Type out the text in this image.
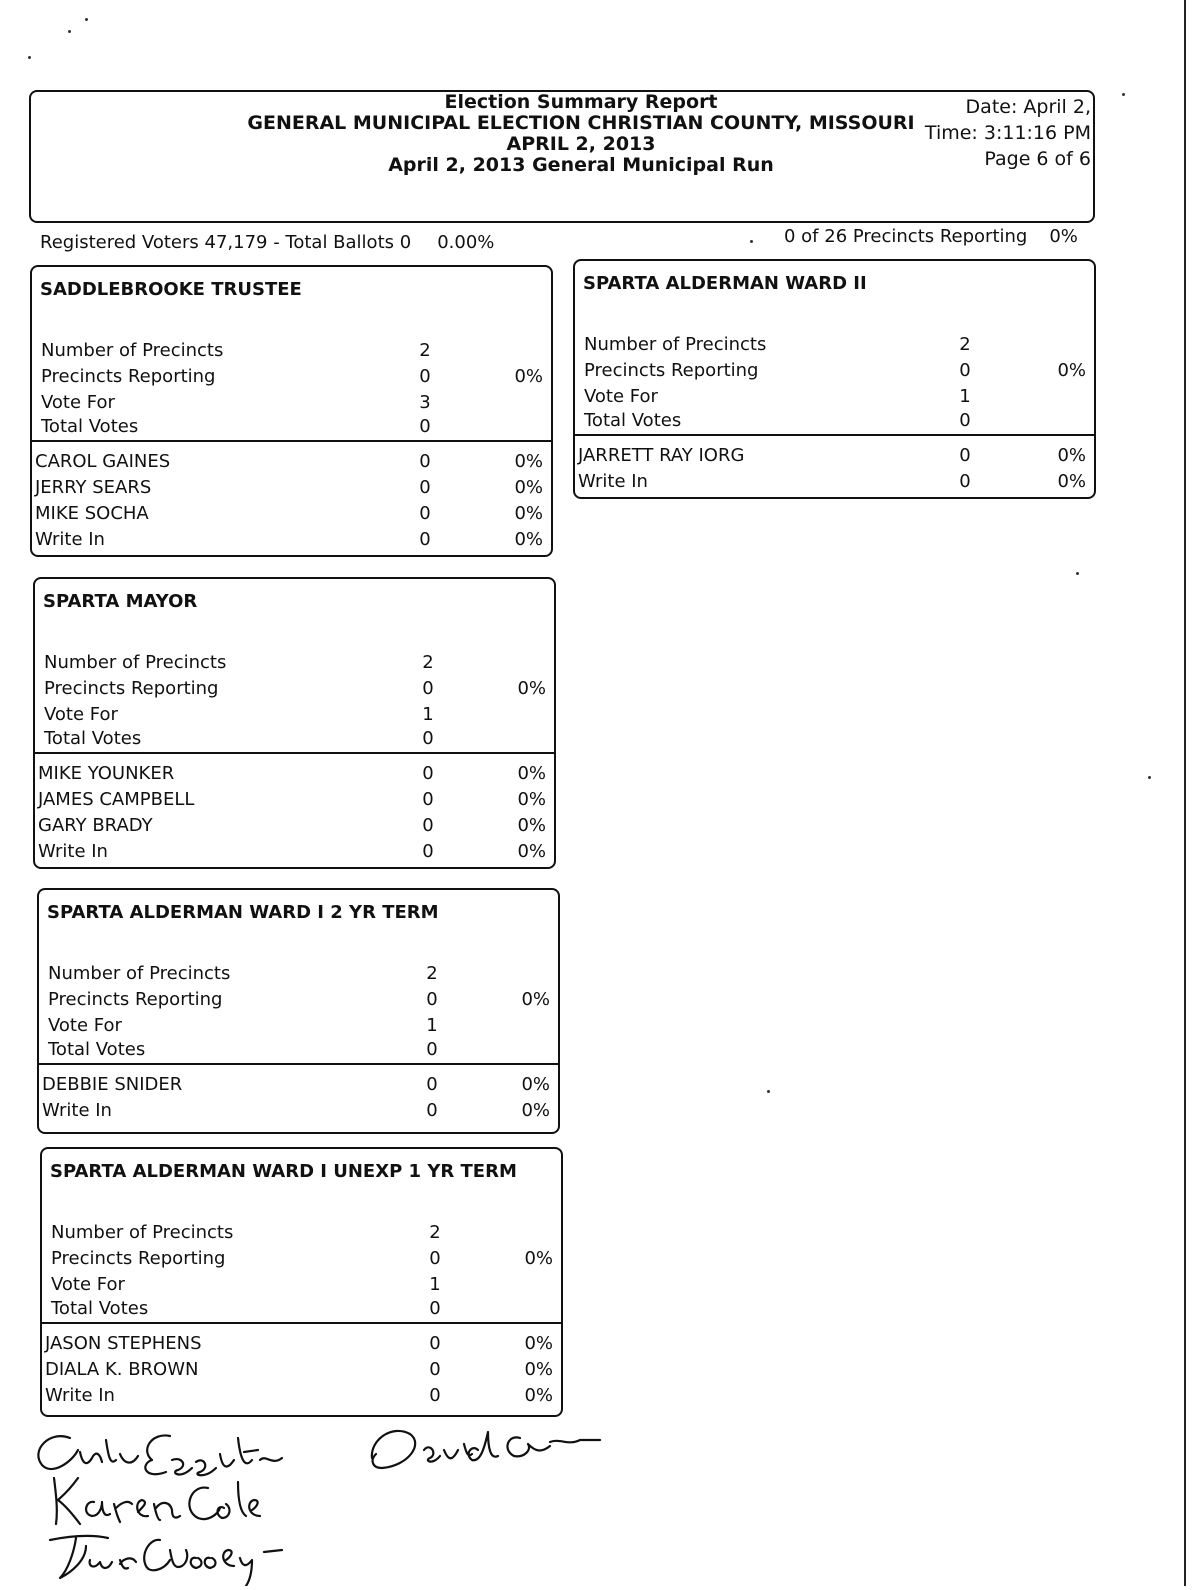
Election Summary Report
GENERAL MUNICIPAL ELECTION CHRISTIAN COUNTY, MISSOURI
APRIL 2, 2013
April 2, 2013 General Municipal Run
Date: April 2,
Time: 3:11:16 PM
Page 6 of 6
Registered Voters 47,179 - Total Ballots 0 0.00%	0 of 26 Precincts Reporting 0%
SADDLEBROOKE TRUSTEE
Number of Precincts	2
Precincts Reporting	0	0%
Vote For	3
Total Votes	0
CAROL GAINES	0	0%
JERRY SEARS	0	0%
MIKE SOCHA	0	0%
Write In	0	0%
SPARTA MAYOR
Number of Precincts	2
Precincts Reporting	0	0%
Vote For	1
Total Votes	0
MIKE YOUNKER	0	0%
JAMES CAMPBELL	0	0%
GARY BRADY	0	0%
Write In	0	0%
SPARTA ALDERMAN WARD I 2 YR TERM
Number of Precincts	2
Precincts Reporting	0	0%
Vote For	1
Total Votes	0
DEBBIE SNIDER	0	0%
Write In	0	0%
SPARTA ALDERMAN WARD I UNEXP 1 YR TERM
Number of Precincts	2
Precincts Reporting	0	0%
Vote For	1
Total Votes	0
JASON STEPHENS	0	0%
DIALA K. BROWN	0	0%
Write In	0	0%
SPARTA ALDERMAN WARD II
Number of Precincts	2
Precincts Reporting	0	0%
Vote For	1
Total Votes	0
JARRETT RAY IORG	0	0%
Write In	0	0%
